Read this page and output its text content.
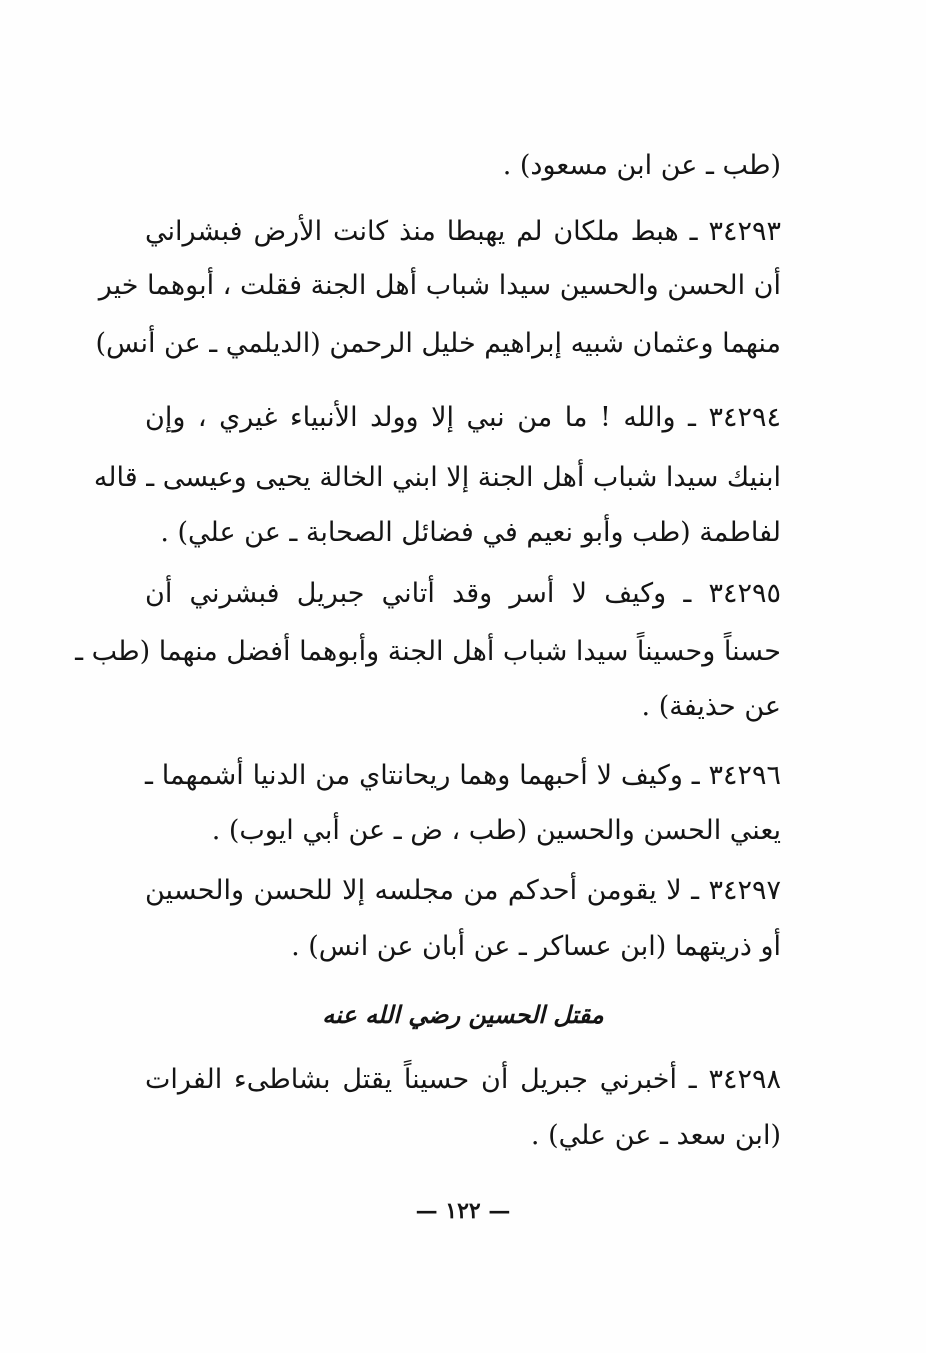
(طب ـ عن ابن مسعود) .
٣٤٢٩٣ ـ هبط ملكان لم يهبطا منذ كانت الأرض فبشراني
أن الحسن والحسين سيدا شباب أهل الجنة فقلت ، أبوهما خير
منهما وعثمان شبيه إبراهيم خليل الرحمن (الديلمي ـ عن أنس)
٣٤٢٩٤ ـ والله ! ما من نبي إلا وولد الأنبياء غيري ، وإن
ابنيك سيدا شباب أهل الجنة إلا ابني الخالة يحيى وعيسى ـ قاله
لفاطمة (طب وأبو نعيم في فضائل الصحابة ـ عن علي) .
٣٤٢٩٥ ـ وكيف لا أسر وقد أتاني جبريل فبشرني أن
حسناً وحسيناً سيدا شباب أهل الجنة وأبوهما أفضل منهما (طب ـ
عن حذيفة) .
٣٤٢٩٦ ـ وكيف لا أحبهما وهما ريحانتاي من الدنيا أشمهما ـ
يعني الحسن والحسين (طب ، ض ـ عن أبي ايوب) .
٣٤٢٩٧ ـ لا يقومن أحدكم من مجلسه إلا للحسن والحسين
أو ذريتهما (ابن عساكر ـ عن أبان عن انس) .
مقتل الحسين رضي الله عنه
٣٤٢٩٨ ـ أخبرني جبريل أن حسيناً يقتل بشاطىء الفرات
(ابن سعد ـ عن علي) .
— ١٢٢ —
